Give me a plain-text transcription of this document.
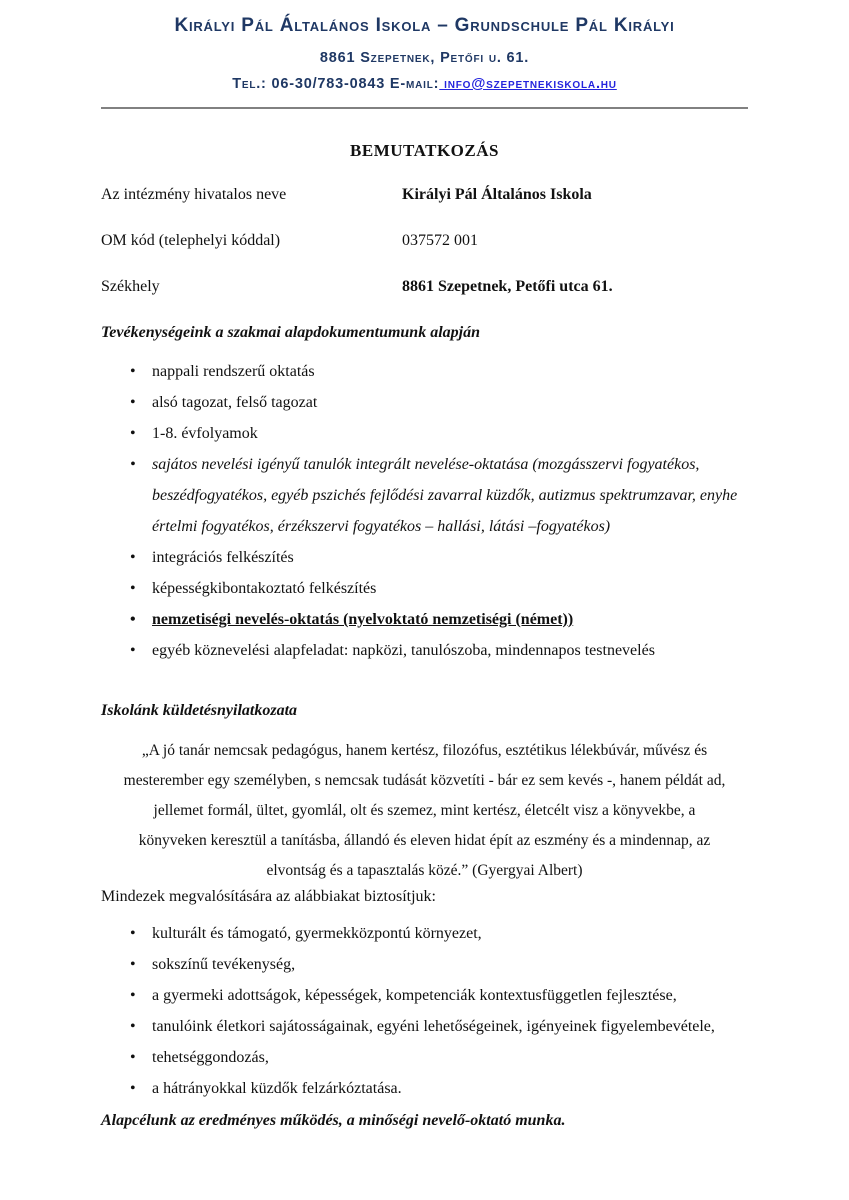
Királyi Pál Általános Iskola – Grundschule Pál Királyi
8861 Szepetnek, Petőfi u. 61.
Tel.: 06-30/783-0843 E-mail: info@szepetnekiskola.hu
BEMUTATKOZÁS
Az intézmény hivatalos neve	Királyi Pál Általános Iskola
OM kód (telephelyi kóddal)	037572 001
Székhely	8861 Szepetnek, Petőfi utca 61.
Tevékenységeink a szakmai alapdokumentumunk alapján
•
nappali rendszerű oktatás
•
alsó tagozat, felső tagozat
•
1-8. évfolyamok
•
sajátos nevelési igényű tanulók integrált nevelése-oktatása (mozgásszervi fogyatékos, beszédfogyatékos, egyéb pszichés fejlődési zavarral küzdők, autizmus spektrumzavar, enyhe értelmi fogyatékos, érzékszervi fogyatékos – hallási, látási –fogyatékos)
•
integrációs felkészítés
•
képességkibontakoztató felkészítés
•
nemzetiségi nevelés-oktatás (nyelvoktató nemzetiségi (német))
•
egyéb köznevelési alapfeladat: napközi, tanulószoba, mindennapos testnevelés
Iskolánk küldetésnyilatkozata
„A jó tanár nemcsak pedagógus, hanem kertész, filozófus, esztétikus lélekbúvár, művész és
mesterember egy személyben, s nemcsak tudását közvetíti - bár ez sem kevés -, hanem példát ad,
jellemet formál, ültet, gyomlál, olt és szemez, mint kertész, életcélt visz a könyvekbe, a
könyveken keresztül a tanításba, állandó és eleven hidat épít az eszmény és a mindennap, az
elvontság és a tapasztalás közé.” (Gyergyai Albert)

Mindezek megvalósítására az alábbiakat biztosítjuk:

•
kulturált és támogató, gyermekközpontú környezet,
•
sokszínű tevékenység,
•
a gyermeki adottságok, képességek, kompetenciák kontextusfüggetlen fejlesztése,
•
tanulóink életkori sajátosságainak, egyéni lehetőségeinek, igényeinek figyelembevétele,
•
tehetséggondozás,
•
a hátrányokkal küzdők felzárkóztatása.

Alapcélunk az eredményes működés, a minőségi nevelő-oktató munka.
